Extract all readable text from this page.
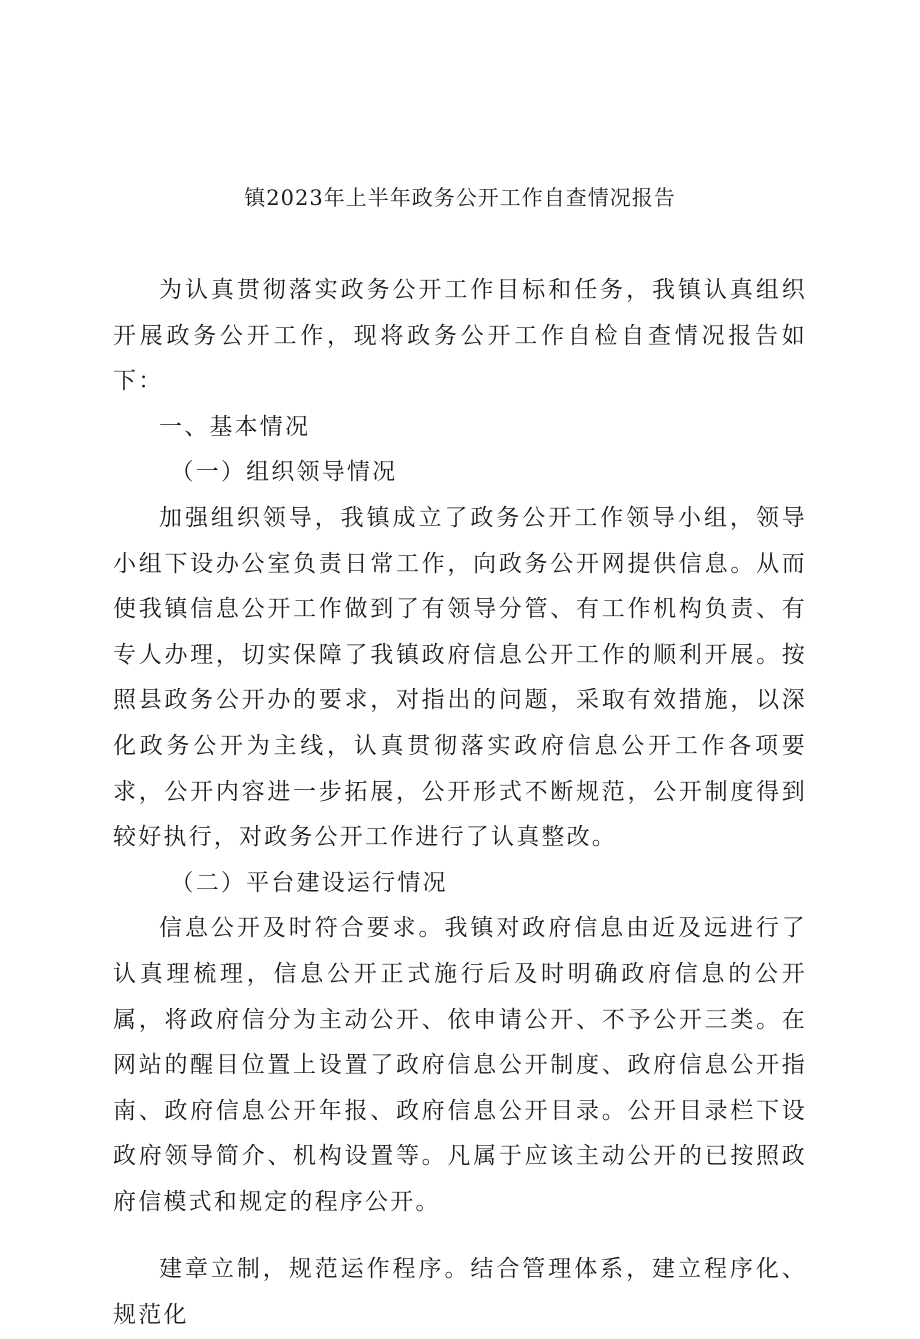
镇2023年上半年政务公开工作自查情况报告

为认真贯彻落实政务公开工作目标和任务，我镇认真组织开展政务公开工作，现将政务公开工作自检自查情况报告如下：

一、基本情况
（一）组织领导情况

加强组织领导，我镇成立了政务公开工作领导小组，领导小组下设办公室负责日常工作，向政务公开网提供信息。从而使我镇信息公开工作做到了有领导分管、有工作机构负责、有专人办理，切实保障了我镇政府信息公开工作的顺利开展。按照县政务公开办的要求，对指出的问题，采取有效措施，以深化政务公开为主线，认真贯彻落实政府信息公开工作各项要求，公开内容进一步拓展，公开形式不断规范，公开制度得到较好执行，对政务公开工作进行了认真整改。

（二）平台建设运行情况

信息公开及时符合要求。我镇对政府信息由近及远进行了认真理梳理，信息公开正式施行后及时明确政府信息的公开属，将政府信分为主动公开、依申请公开、不予公开三类。在网站的醒目位置上设置了政府信息公开制度、政府信息公开指南、政府信息公开年报、政府信息公开目录。公开目录栏下设政府领导简介、机构设置等。凡属于应该主动公开的已按照政府信模式和规定的程序公开。

建章立制，规范运作程序。结合管理体系，建立程序化、规范化
